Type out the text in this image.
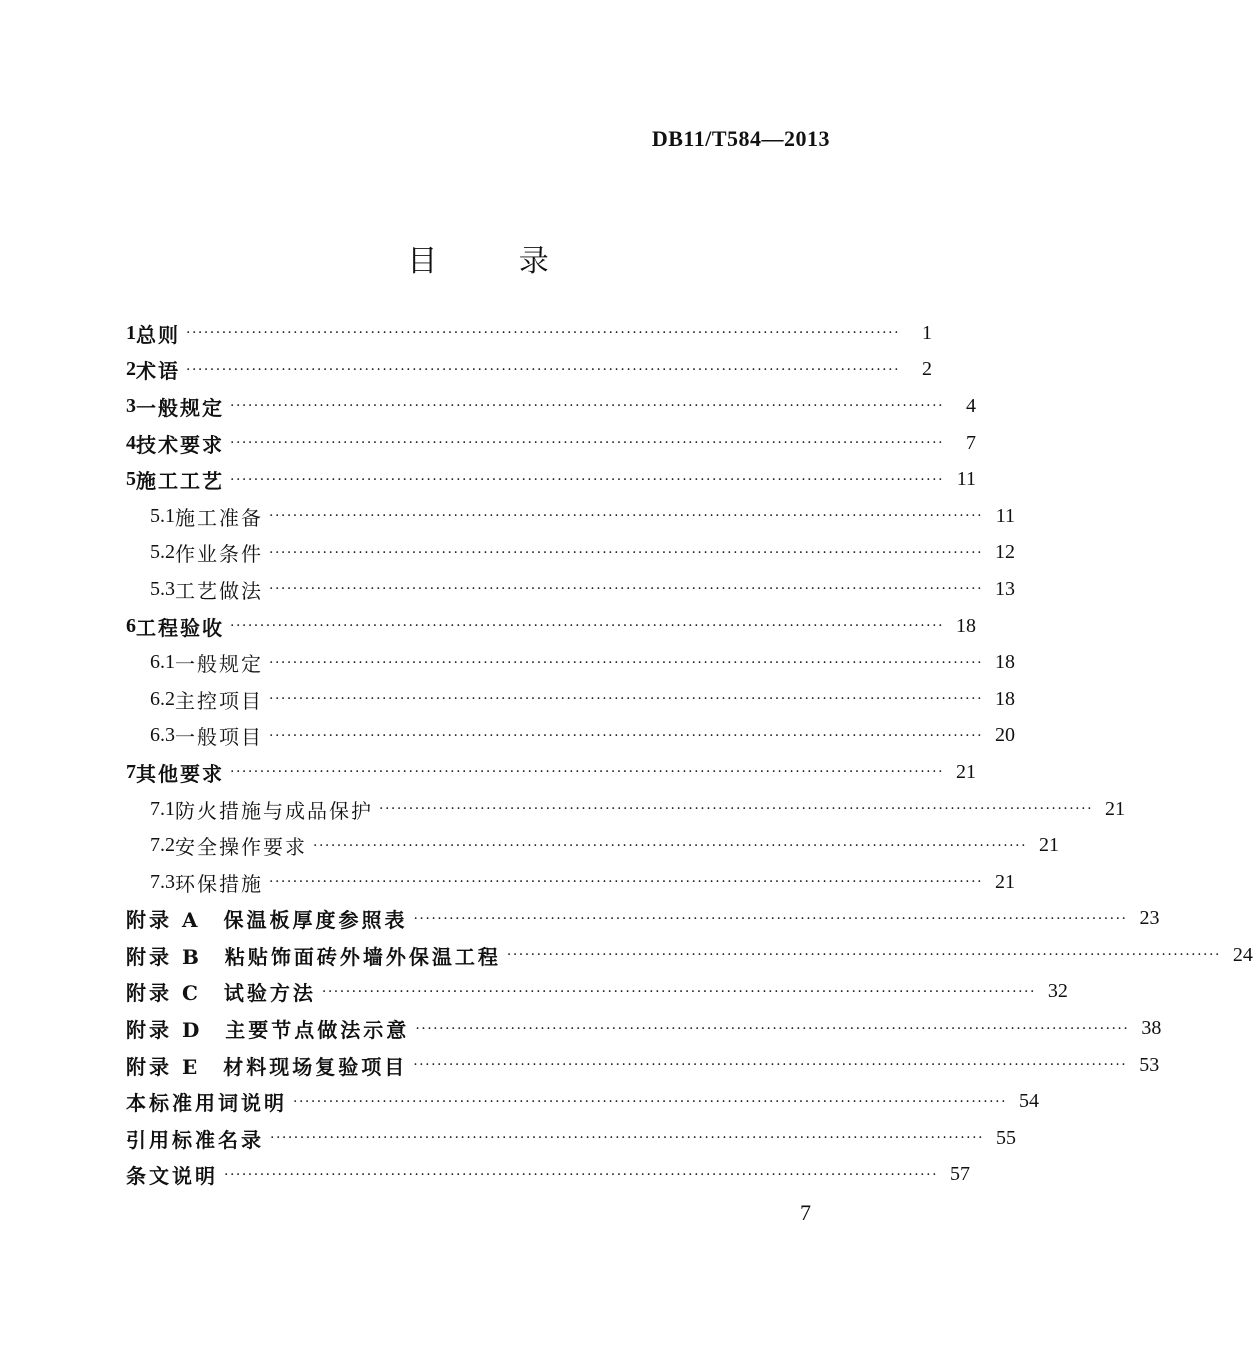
DB11/T584—2013
目 录
1 总则 ························································································································	1
2 术语 ························································································································	2
3 一般规定 ························································································································	4
4 技术要求 ························································································································	7
5 施工工艺 ························································································································ 11
5.1 施工准备 ························································································································ 11
5.2 作业条件 ························································································································ 12
5.3 工艺做法 ························································································································ 13
6 工程验收 ························································································································ 18
6.1 一般规定 ························································································································ 18
6.2 主控项目 ························································································································ 18
6.3 一般项目 ························································································································ 20
7 其他要求 ························································································································ 21
7.1 防火措施与成品保护 ························································································································ 21
7.2 安全操作要求 ························································································································ 21
7.3 环保措施 ························································································································ 21
附录 A　保温板厚度参照表 ························································································································ 23
附录 B　粘贴饰面砖外墙外保温工程 ························································································································ 24
附录 C　试验方法 ························································································································ 32
附录 D　主要节点做法示意 ························································································································ 38
附录 E　材料现场复验项目 ························································································································ 53
本标准用词说明 ························································································································ 54
引用标准名录 ························································································································ 55
条文说明 ························································································································ 57
7
